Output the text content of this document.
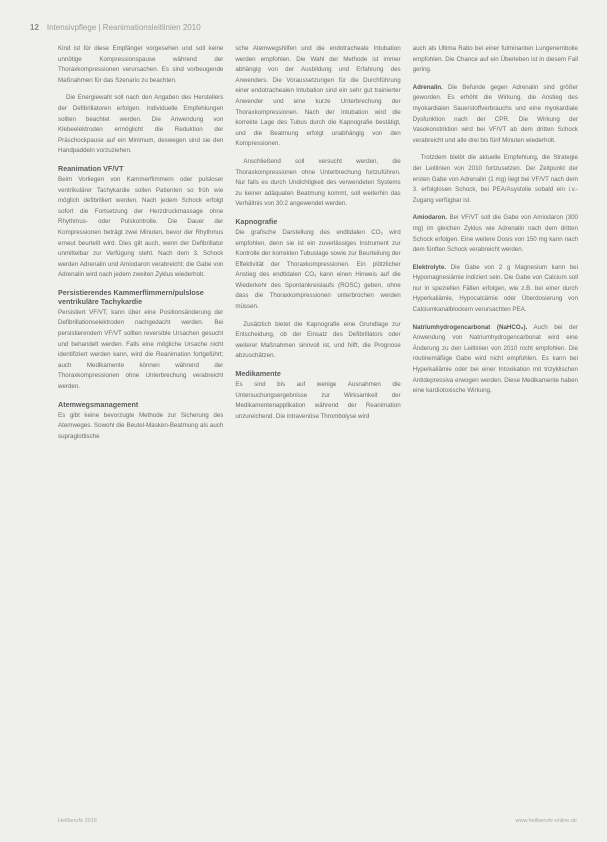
12 Intensivpflege | Reanimationsleitlinien 2010

Kind ist für diese Empfänger vorgesehen und soll keine unnötige Kompressionspause während der Thoraxkompressionen verursachen. Es sind vorbeugende Maßnahmen für das Szenario zu beachten.

Die Energiewahl soll nach den Angaben des Herstellers der Defibrillatoren erfolgen. Individuelle Empfehlungen sollten beachtet werden. Die Anwendung von Klebeelektroden ermöglicht die Reduktion der Präschockpause auf ein Minimum, deswegen sind sie den Handpaddeln vorzuziehen.

Reanimation VF/VT

Beim Vorliegen von Kammerflimmern oder pulsloser ventrikulärer Tachykardie sollen Patienten so früh wie möglich defibrilliert werden. Nach jedem Schock erfolgt sofort die Fortsetzung der Herzdruckmassage ohne Rhythmus- oder Pulskontrolle. Die Dauer der Kompressionen beträgt zwei Minuten, bevor der Rhythmus erneut beurteilt wird. Dies gilt auch, wenn der Defibrillator unmittelbar zur Verfügung steht. Nach dem 3. Schock werden Adrenalin und Amiodaron verabreicht; die Gabe von Adrenalin wird nach jedem zweiten Zyklus wiederholt.

Persistierendes Kammerflimmern/pulslose ventrikuläre Tachykardie

Persistiert VF/VT, kann über eine Positionsänderung der Defibrillationselektroden nachgedacht werden. Bei persistierendem VF/VT sollten reversible Ursachen gesucht und behandelt werden. Falls eine mögliche Ursache nicht identifiziert werden kann, wird die Reanimation fortgeführt; auch Medikamente können während der Thoraxkompressionen ohne Unterbrechung verabreicht werden.

Atemwegsmanagement

Es gibt keine bevorzugte Methode zur Sicherung des Atemweges. Sowohl die Beutel-Masken-Beatmung als auch supraglottische

sche Atemwegshilfen und die endotracheale Intubation werden empfohlen. Die Wahl der Methode ist immer abhängig von der Ausbildung und Erfahrung des Anwenders. Die Voraussetzungen für die Durchführung einer endotrachealen Intubation sind ein sehr gut trainierter Anwender und eine kurze Unterbrechung der Thoraxkompressionen. Nach der Intubation wird die korrekte Lage des Tubus durch die Kapnografie bestätigt, und die Beatmung erfolgt unabhängig von den Kompressionen.

Anschließend soll versucht werden, die Thoraxkompressionen ohne Unterbrechung fortzuführen. Nur falls es durch Undichtigkeit des verwendeten Systems zu keiner adäquaten Beatmung kommt, soll weiterhin das Verhältnis von 30:2 angewendet werden.

Kapnografie

Die grafische Darstellung des endtidalen CO₂ wird empfohlen, denn sie ist ein zuverlässiges Instrument zur Kontrolle der korrekten Tubuslage sowie zur Beurteilung der Effektivität der Thoraxkompressionen. Ein plötzlicher Anstieg des endtidalen CO₂ kann einen Hinweis auf die Wiederkehr des Spontankreislaufs (ROSC) geben, ohne dass die Thoraxkompressionen unterbrochen werden müssen.

Zusätzlich bietet die Kapnografie eine Grundlage zur Entscheidung, ob der Einsatz des Defibrillators oder weiterer Maßnahmen sinnvoll ist, und hilft, die Prognose abzuschätzen.

Medikamente

Es sind bis auf wenige Ausnahmen die Untersuchungsergebnisse zur Wirksamkeit der Medikamentenapplikation während der Reanimation unzureichend. Die intravenöse Thrombolyse wird

auch als Ultima Ratio bei einer fulminanten Lungenembolie empfohlen. Die Chance auf ein Überleben ist in diesem Fall gering.

Adrenalin. Die Befunde gegen Adrenalin sind größer geworden. Es erhöht die Wirkung, die Anstieg des myokardialen Sauerstoffverbrauchs und eine myokardiale Dysfunktion nach der CPR. Die Wirkung der Vasokonstriktion wird bei VF/VT ab dem dritten Schock verabreicht und alle drei bis fünf Minuten wiederholt.

Trotzdem bleibt die aktuelle Empfehlung, die Strategie der Leitlinien von 2010 fortzusetzen. Der Zeitpunkt der ersten Gabe von Adrenalin (1 mg) liegt bei VF/VT nach dem 3. erfolglosen Schock, bei PEA/Asystolie sobald ein i.v.-Zugang verfügbar ist.

Amiodaron. Bei VF/VT soll die Gabe von Amiodaron (300 mg) im gleichen Zyklus wie Adrenalin nach dem dritten Schock erfolgen. Eine weitere Dosis von 150 mg kann nach dem fünften Schock verabreicht werden.

Elektrolyte. Die Gabe von 2 g Magnesium kann bei Hypomagnesiämie indiziert sein. Die Gabe von Calcium soll nur in speziellen Fällen erfolgen, wie z.B. bei einer durch Hyperkaliämie, Hypocalcämie oder Überdosierung von Calciumkanalblockern verursachten PEA.

Natriumhydrogencarbonat (NaHCO₃). Auch bei der Anwendung von Natriumhydrogencarbonat wird eine Änderung zu den Leitlinien von 2010 nicht empfohlen. Die routinemäßige Gabe wird nicht empfohlen. Es kann bei Hyperkaliämie oder bei einer Intoxikation mit trizyklischen Antidepressiva erwogen werden. Diese Medikamente haben eine kardiotoxische Wirkung.

Heilberufe 2016	www.heilberufe-online.de
